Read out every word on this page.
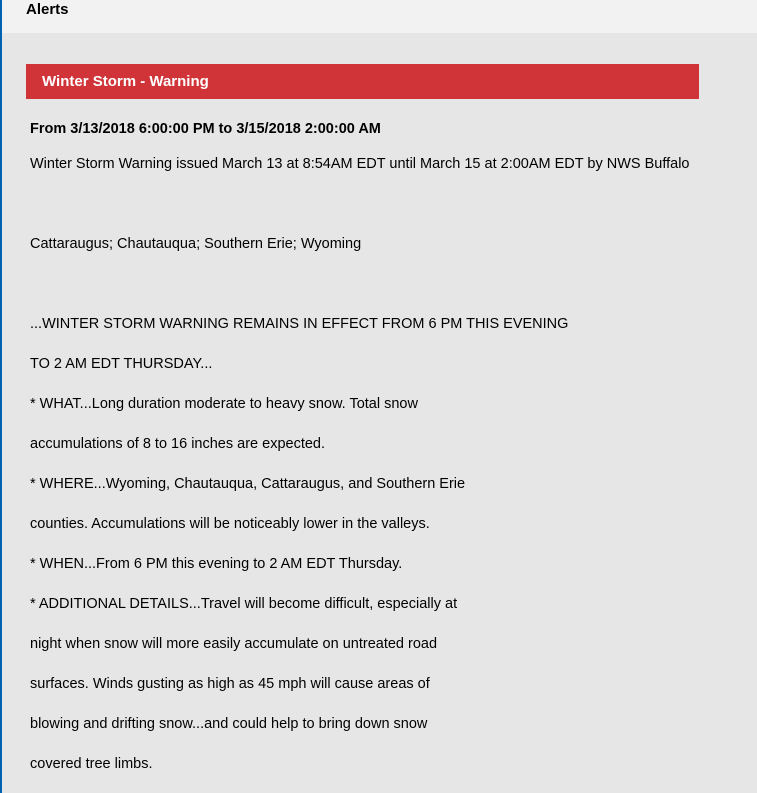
Alerts
Winter Storm - Warning
From 3/13/2018 6:00:00 PM to 3/15/2018 2:00:00 AM
Winter Storm Warning issued March 13 at 8:54AM EDT until March 15 at 2:00AM EDT by NWS Buffalo
Cattaraugus; Chautauqua; Southern Erie; Wyoming
...WINTER STORM WARNING REMAINS IN EFFECT FROM 6 PM THIS EVENING
TO 2 AM EDT THURSDAY...
* WHAT...Long duration moderate to heavy snow. Total snow
accumulations of 8 to 16 inches are expected.
* WHERE...Wyoming, Chautauqua, Cattaraugus, and Southern Erie
counties. Accumulations will be noticeably lower in the valleys.
* WHEN...From 6 PM this evening to 2 AM EDT Thursday.
* ADDITIONAL DETAILS...Travel will become difficult, especially at
night when snow will more easily accumulate on untreated road
surfaces. Winds gusting as high as 45 mph will cause areas of
blowing and drifting snow...and could help to bring down snow
covered tree limbs.
